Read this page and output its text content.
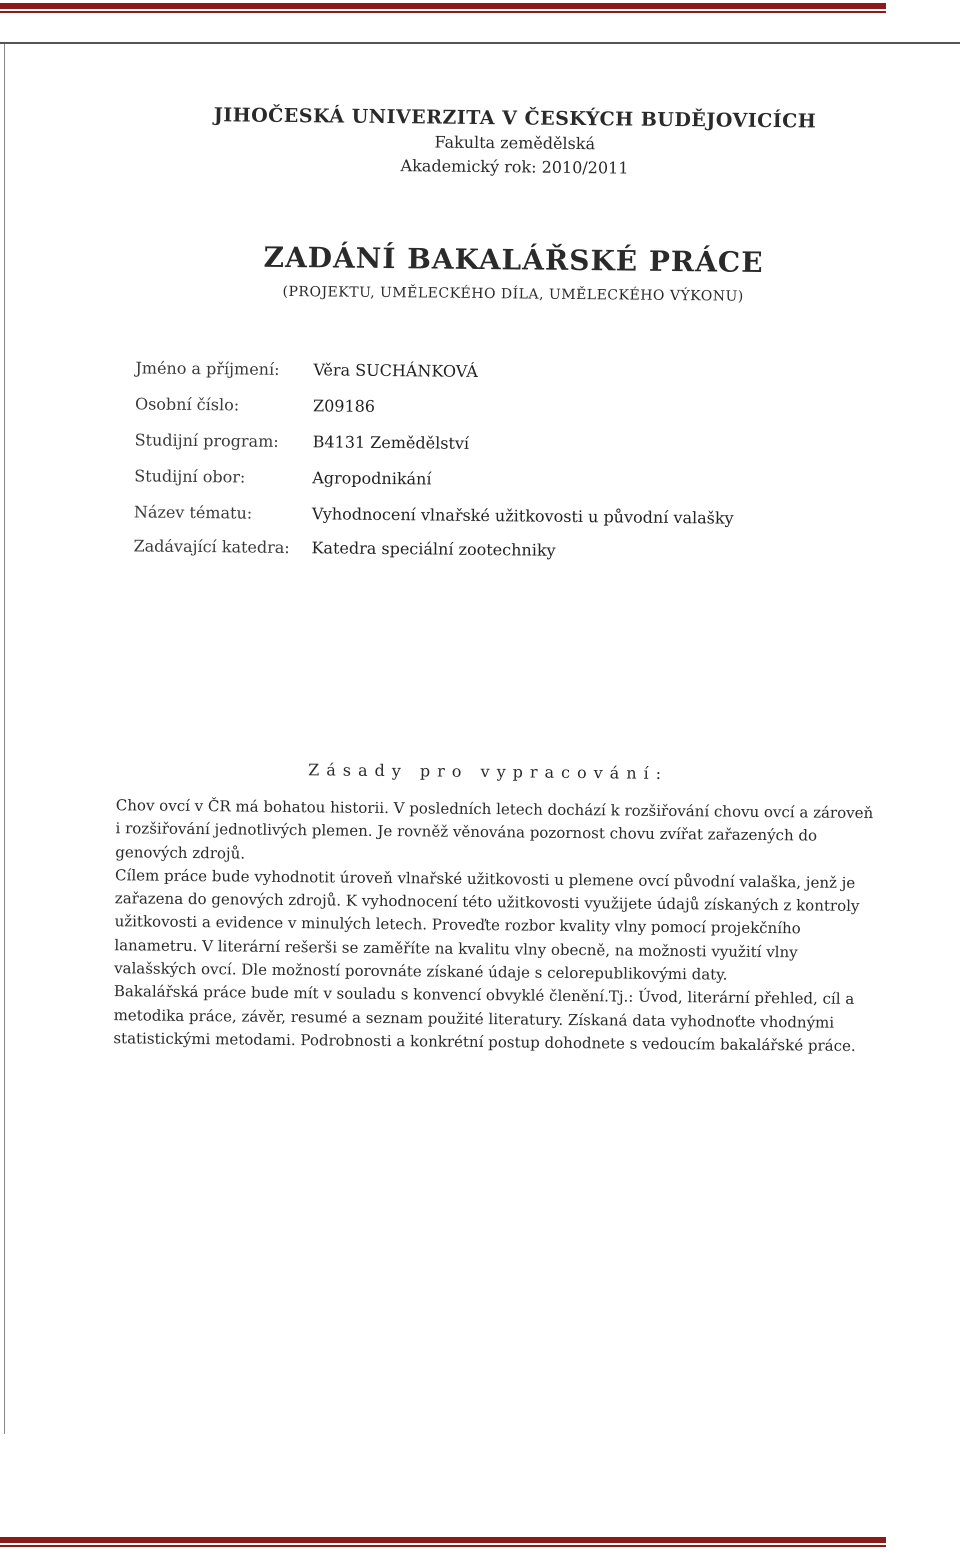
JIHOČESKÁ UNIVERZITA V ČESKÝCH BUDĚJOVICÍCH
Fakulta zemědělská
Akademický rok: 2010/2011
ZADÁNÍ BAKALÁŘSKÉ PRÁCE
(PROJEKTU, UMĚLECKÉHO DÍLA, UMĚLECKÉHO VÝKONU)
Jméno a příjmení:	Věra SUCHÁNKOVÁ
Osobní číslo:	Z09186
Studijní program:	B4131 Zemědělství
Studijní obor:	Agropodnikání
Název tématu:	Vyhodnocení vlnařské užitkovosti u původní valašky
Zadávající katedra:	Katedra speciální zootechniky
Zásady pro vypracování:

Chov ovcí v ČR má bohatou historii. V posledních letech dochází k rozšiřování chovu ovcí a zároveň i rozšiřování jednotlivých plemen. Je rovněž věnována pozornost chovu zvířat zařazených do genových zdrojů.

Cílem práce bude vyhodnotit úroveň vlnařské užitkovosti u plemene ovcí původní valaška, jenž je zařazena do genových zdrojů. K vyhodnocení této užitkovosti využijete údajů získaných z kontroly užitkovosti a evidence v minulých letech. Proveďte rozbor kvality vlny pomocí projekčního lanametru. V literární rešerši se zaměříte na kvalitu vlny obecně, na možnosti využití vlny valašských ovcí. Dle možností porovnáte získané údaje s celorepublikovými daty.

Bakalářská práce bude mít v souladu s konvencí obvyklé členění.Tj.: Úvod, literární přehled, cíl a metodika práce, závěr, resumé a seznam použité literatury. Získaná data vyhodnoťte vhodnými statistickými metodami. Podrobnosti a konkrétní postup dohodnete s vedoucím bakalářské práce.
